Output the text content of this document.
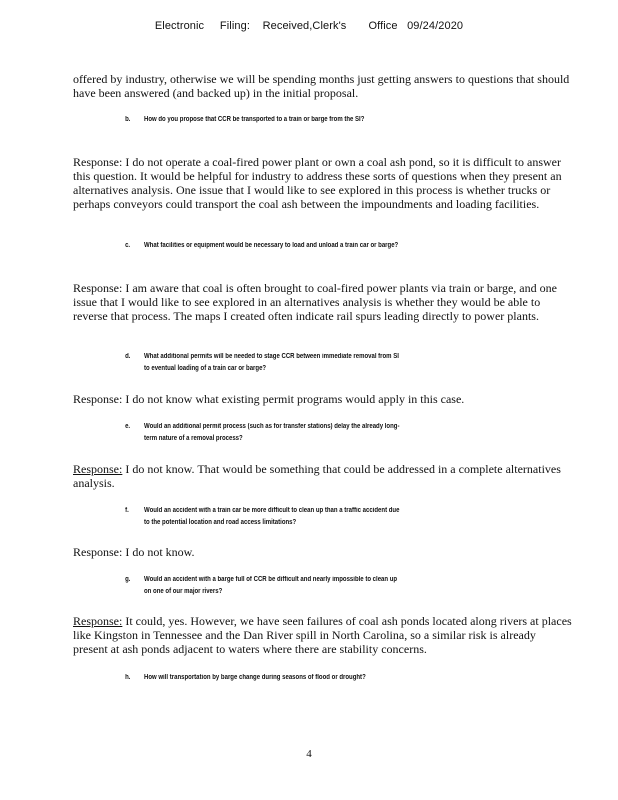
Electronic     Filing:    Received,Clerk's       Office   09/24/2020
offered by industry, otherwise we will be spending months just getting answers to questions that should have been answered (and backed up) in the initial proposal.
b. How do you propose that CCR be transported to a train or barge from the SI?
Response: I do not operate a coal-fired power plant or own a coal ash pond, so it is difficult to answer this question. It would be helpful for industry to address these sorts of questions when they present an alternatives analysis. One issue that I would like to see explored in this process is whether trucks or perhaps conveyors could transport the coal ash between the impoundments and loading facilities.
c. What facilities or equipment would be necessary to load and unload a train car or barge?
Response: I am aware that coal is often brought to coal-fired power plants via train or barge, and one issue that I would like to see explored in an alternatives analysis is whether they would be able to reverse that process. The maps I created often indicate rail spurs leading directly to power plants.
d. What additional permits will be needed to stage CCR between immediate removal from SI to eventual loading of a train car or barge?
Response: I do not know what existing permit programs would apply in this case.
e. Would an additional permit process (such as for transfer stations) delay the already long-term nature of a removal process?
Response: I do not know. That would be something that could be addressed in a complete alternatives analysis.
f. Would an accident with a train car be more difficult to clean up than a traffic accident due to the potential location and road access limitations?
Response: I do not know.
g. Would an accident with a barge full of CCR be difficult and nearly impossible to clean up on one of our major rivers?
Response: It could, yes. However, we have seen failures of coal ash ponds located along rivers at places like Kingston in Tennessee and the Dan River spill in North Carolina, so a similar risk is already present at ash ponds adjacent to waters where there are stability concerns.
h. How will transportation by barge change during seasons of flood or drought?
4
